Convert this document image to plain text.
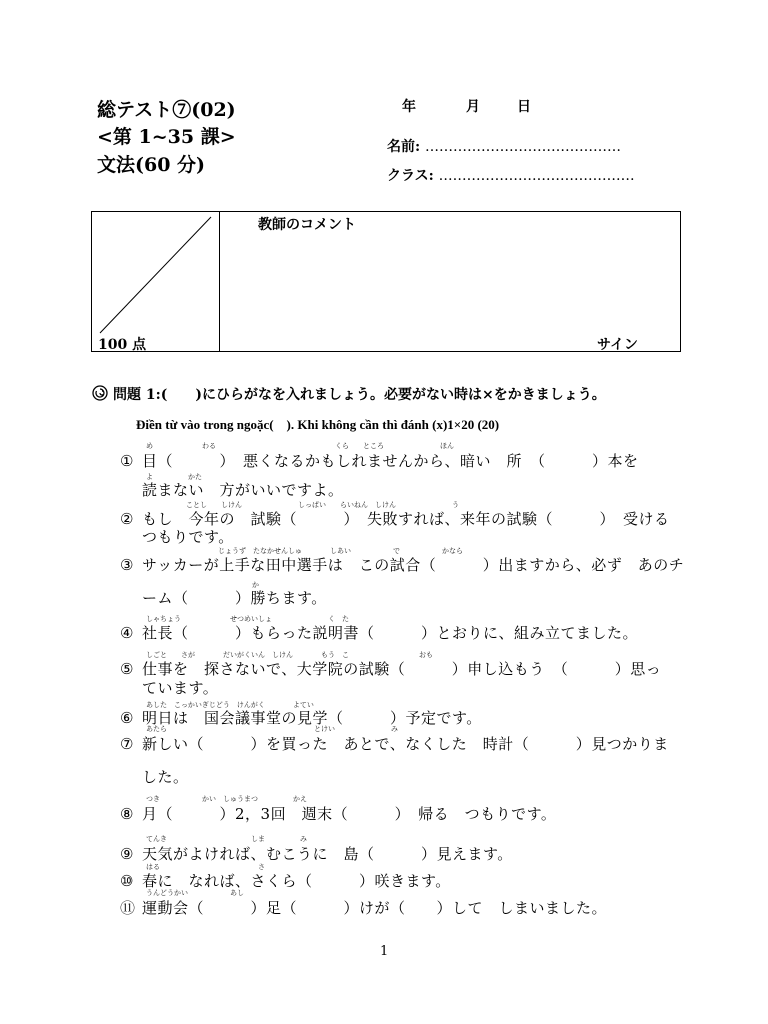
総テスト⑦(02)
<第 1~35 課>
文法(60 分)
年	月	日
名前: ……………………………………
クラス: ……………………………………
100 点
教師のコメント
サイン
問題 1:(　　)にひらがなを入れましょう。必要がない時は×をかきましょう。
Điền từ vào trong ngoặc(　). Khi không cần thì đánh (x)1×20 (20)
め　　　　　　　わる　　　　　　　　　　　　　　　　　くら　　ところ　　　　　　　　ほん
よ　　　　　かた
ことし　　しけん　　　　　　　　しっぱい　　らいねん　しけん　　　　　　　　う
じょうず　たなかせんしゅ　　　　しあい　　　　　　で　　　　　　かなら
か
しゃちょう　　　　　　　せつめいしょ　　　　　　　　く　た
しごと　　さが　　　　だいがくいん　しけん　　　　もう　こ　　　　　　　　　　おも
あした　こっかいぎじどう　けんがく　　　　よてい
あたら　　　　　　　　　　　　　　　　　　　　　とけい　　　　　　　　み
つき　　　　　　かい　しゅうまつ　　　　　かえ
てんき　　　　　　　　　　　　しま　　　　　み
はる　　　　　　　　　　　　　　さ
うんどうかい　　　　　　あし
① 目（　　　）　悪くなるかもしれませんから、暗い　所　（　　　）本を
読まない　方がいいですよ。
② もし　今年の　試験（　　　）　失敗すれば、来年の試験（　　　）　受ける
つもりです。
③ サッカーが上手な田中選手は　この試合（　　　）出ますから、必ず　あのチ
ーム（　　　）勝ちます。
④ 社長（　　　）もらった説明書（　　　）とおりに、組み立てました。
⑤ 仕事を　探さないで、大学院の試験（　　　）申し込もう　（　　　）思っ
ています。
⑥ 明日は　国会議事堂の見学（　　　）予定です。
⑦ 新しい（　　　）を買った　あとで、なくした　時計（　　　）見つかりま
した。
⑧ 月（　　　）2，3回　週末（　　　）　帰る　つもりです。
⑨ 天気がよければ、むこうに　島（　　　）見えます。
⑩ 春に　なれば、さくら（　　　）咲きます。
⑪ 運動会（　　　）足（　　　）けが（　　）して　しまいました。
1
